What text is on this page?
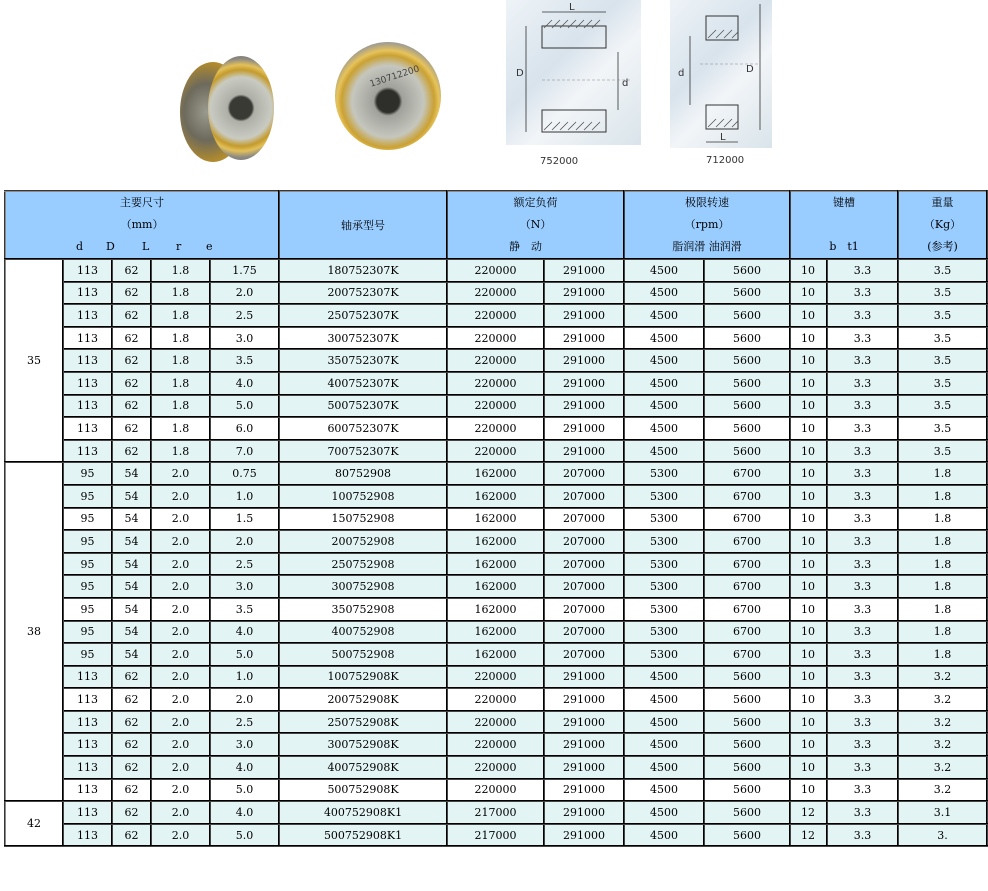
130712200
L
D
d
752000
D
d
L
712000
主要尺寸
（mm）
d	D	L	r	e
	轴承型号	
额定负荷
（N）
静　动

极限转速
（rpm）
脂润滑 油润滑

键槽
b　t1

重量
（Kg）
(参考)

35	113	62	1.8	1.75	180752307K	220000	291000	4500	5600	10	3.3	3.5
	113	62	1.8	2.0	200752307K	220000	291000	4500	5600	10	3.3	3.5
	113	62	1.8	2.5	250752307K	220000	291000	4500	5600	10	3.3	3.5
	113	62	1.8	3.0	300752307K	220000	291000	4500	5600	10	3.3	3.5
	113	62	1.8	3.5	350752307K	220000	291000	4500	5600	10	3.3	3.5
	113	62	1.8	4.0	400752307K	220000	291000	4500	5600	10	3.3	3.5
	113	62	1.8	5.0	500752307K	220000	291000	4500	5600	10	3.3	3.5
	113	62	1.8	6.0	600752307K	220000	291000	4500	5600	10	3.3	3.5
	113	62	1.8	7.0	700752307K	220000	291000	4500	5600	10	3.3	3.5
38	95	54	2.0	0.75	80752908	162000	207000	5300	6700	10	3.3	1.8
	95	54	2.0	1.0	100752908	162000	207000	5300	6700	10	3.3	1.8
	95	54	2.0	1.5	150752908	162000	207000	5300	6700	10	3.3	1.8
	95	54	2.0	2.0	200752908	162000	207000	5300	6700	10	3.3	1.8
	95	54	2.0	2.5	250752908	162000	207000	5300	6700	10	3.3	1.8
	95	54	2.0	3.0	300752908	162000	207000	5300	6700	10	3.3	1.8
	95	54	2.0	3.5	350752908	162000	207000	5300	6700	10	3.3	1.8
	95	54	2.0	4.0	400752908	162000	207000	5300	6700	10	3.3	1.8
	95	54	2.0	5.0	500752908	162000	207000	5300	6700	10	3.3	1.8
	113	62	2.0	1.0	100752908K	220000	291000	4500	5600	10	3.3	3.2
	113	62	2.0	2.0	200752908K	220000	291000	4500	5600	10	3.3	3.2
	113	62	2.0	2.5	250752908K	220000	291000	4500	5600	10	3.3	3.2
	113	62	2.0	3.0	300752908K	220000	291000	4500	5600	10	3.3	3.2
	113	62	2.0	4.0	400752908K	220000	291000	4500	5600	10	3.3	3.2
	113	62	2.0	5.0	500752908K	220000	291000	4500	5600	10	3.3	3.2
42	113	62	2.0	4.0	400752908K1	217000	291000	4500	5600	12	3.3	3.1
	113	62	2.0	5.0	500752908K1	217000	291000	4500	5600	12	3.3	3.
